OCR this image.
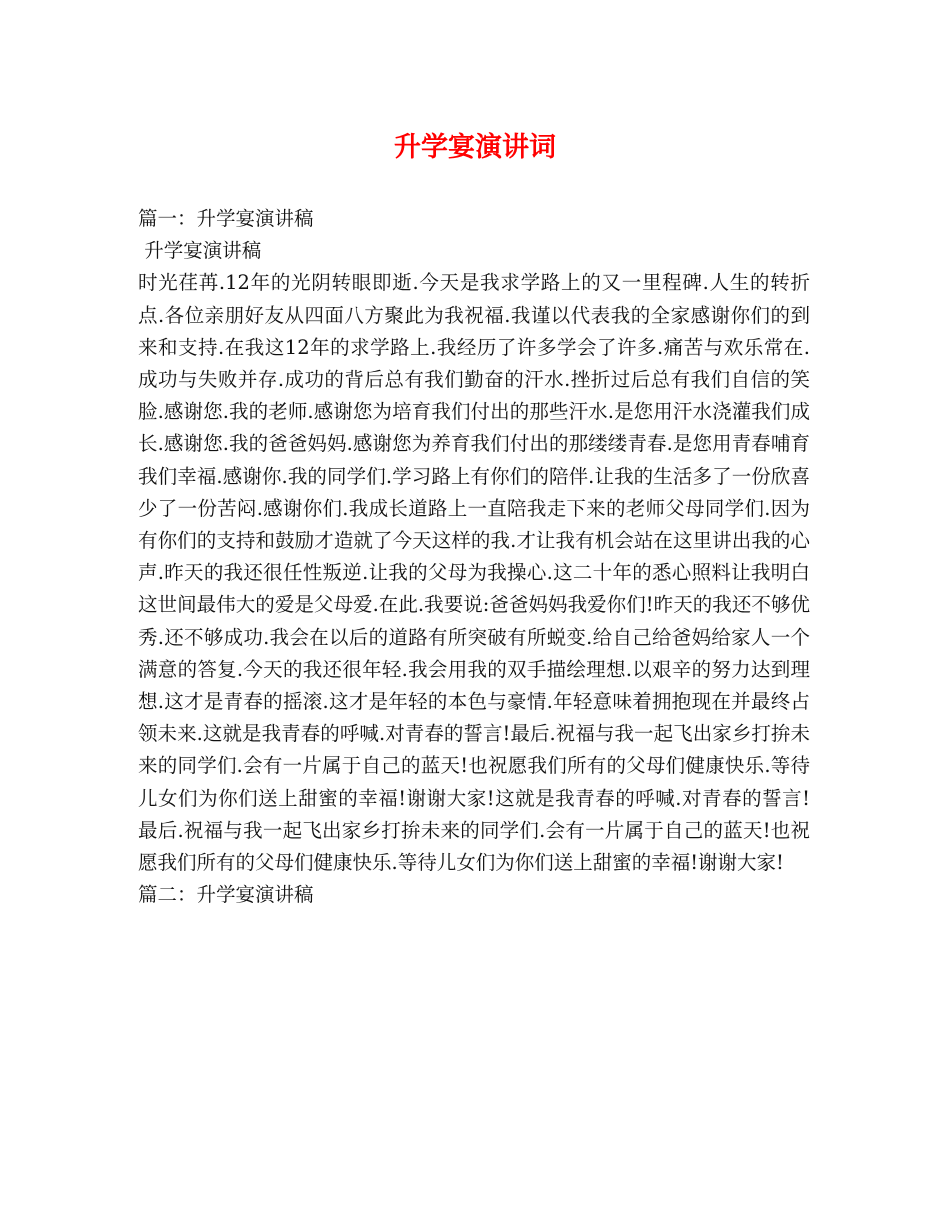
升学宴演讲词
篇一：升学宴演讲稿
升学宴演讲稿

时光荏苒.12年的光阴转眼即逝.今天是我求学路上的又一里程碑.人生的转折点.各位亲朋好友从四面八方聚此为我祝福.我谨以代表我的全家感谢你们的到来和支持.在我这12年的求学路上.我经历了许多学会了许多.痛苦与欢乐常在.成功与失败并存.成功的背后总有我们勤奋的汗水.挫折过后总有我们自信的笑脸.感谢您.我的老师.感谢您为培育我们付出的那些汗水.是您用汗水浇灌我们成长.感谢您.我的爸爸妈妈.感谢您为养育我们付出的那缕缕青春.是您用青春哺育我们幸福.感谢你.我的同学们.学习路上有你们的陪伴.让我的生活多了一份欣喜少了一份苦闷.感谢你们.我成长道路上一直陪我走下来的老师父母同学们.因为有你们的支持和鼓励才造就了今天这样的我.才让我有机会站在这里讲出我的心声.昨天的我还很任性叛逆.让我的父母为我操心.这二十年的悉心照料让我明白这世间最伟大的爱是父母爱.在此.我要说:爸爸妈妈我爱你们!昨天的我还不够优秀.还不够成功.我会在以后的道路有所突破有所蜕变.给自己给爸妈给家人一个满意的答复.今天的我还很年轻.我会用我的双手描绘理想.以艰辛的努力达到理想.这才是青春的摇滚.这才是年轻的本色与豪情.年轻意味着拥抱现在并最终占领未来.这就是我青春的呼喊.对青春的誓言!最后.祝福与我一起飞出家乡打拚未来的同学们.会有一片属于自己的蓝天!也祝愿我们所有的父母们健康快乐.等待儿女们为你们送上甜蜜的幸福!谢谢大家!这就是我青春的呼喊.对青春的誓言!最后.祝福与我一起飞出家乡打拚未来的同学们.会有一片属于自己的蓝天!也祝愿我们所有的父母们健康快乐.等待儿女们为你们送上甜蜜的幸福!谢谢大家!

篇二：升学宴演讲稿
